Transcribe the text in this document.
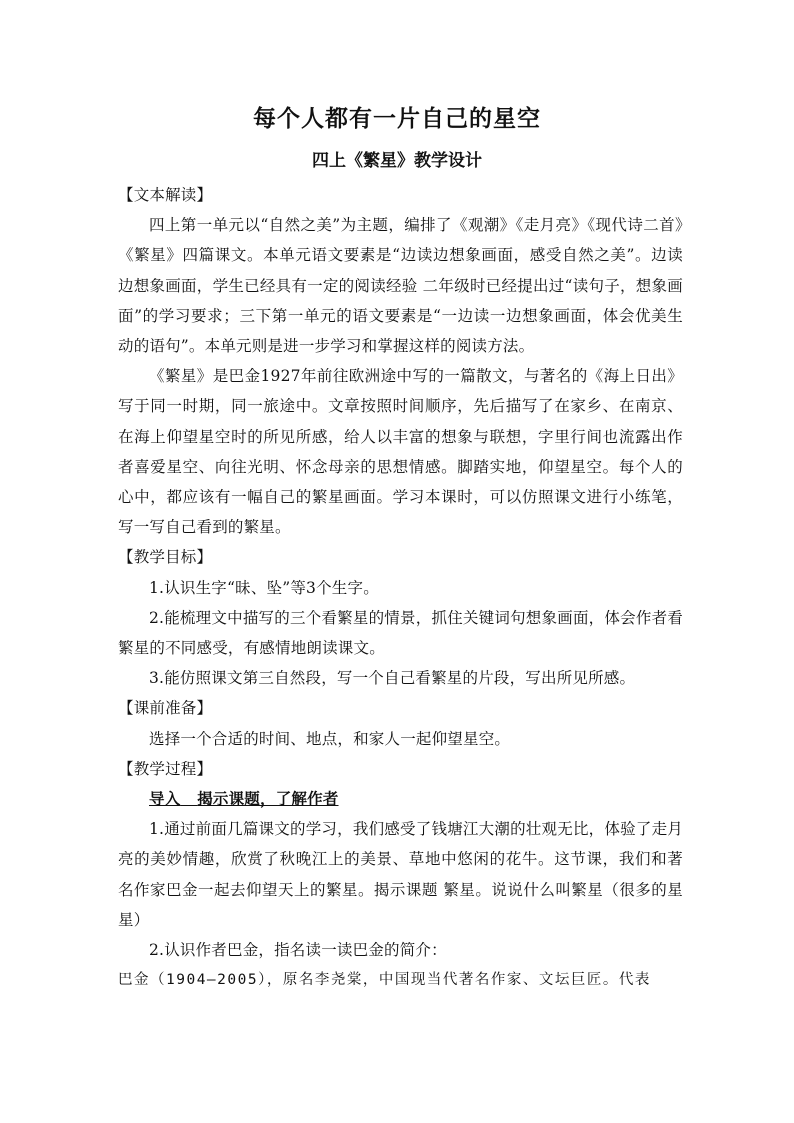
每个人都有一片自己的星空
四上《繁星》教学设计

【文本解读】

四上第一单元以“自然之美”为主题，编排了《观潮》《走月亮》《现代诗二首》《繁星》四篇课文。本单元语文要素是“边读边想象画面，感受自然之美”。边读边想象画面，学生已经具有一定的阅读经验 二年级时已经提出过“读句子，想象画面”的学习要求；三下第一单元的语文要素是“一边读一边想象画面，体会优美生动的语句”。本单元则是进一步学习和掌握这样的阅读方法。

《繁星》是巴金1927年前往欧洲途中写的一篇散文，与著名的《海上日出》写于同一时期，同一旅途中。文章按照时间顺序，先后描写了在家乡、在南京、在海上仰望星空时的所见所感，给人以丰富的想象与联想，字里行间也流露出作者喜爱星空、向往光明、怀念母亲的思想情感。脚踏实地，仰望星空。每个人的心中，都应该有一幅自己的繁星画面。学习本课时，可以仿照课文进行小练笔，写一写自己看到的繁星。

【教学目标】

1.认识生字“昧、坠”等3个生字。

2.能梳理文中描写的三个看繁星的情景，抓住关键词句想象画面，体会作者看繁星的不同感受，有感情地朗读课文。

3.能仿照课文第三自然段，写一个自己看繁星的片段，写出所见所感。

【课前准备】

选择一个合适的时间、地点，和家人一起仰望星空。

【教学过程】

导入 揭示课题，了解作者

1.通过前面几篇课文的学习，我们感受了钱塘江大潮的壮观无比，体验了走月亮的美妙情趣，欣赏了秋晚江上的美景、草地中悠闲的花牛。这节课，我们和著名作家巴金一起去仰望天上的繁星。揭示课题 繁星。说说什么叫繁星（很多的星星）

2.认识作者巴金，指名读一读巴金的简介：

巴金（1904—2005），原名李尧棠，中国现当代著名作家、文坛巨匠。代表
